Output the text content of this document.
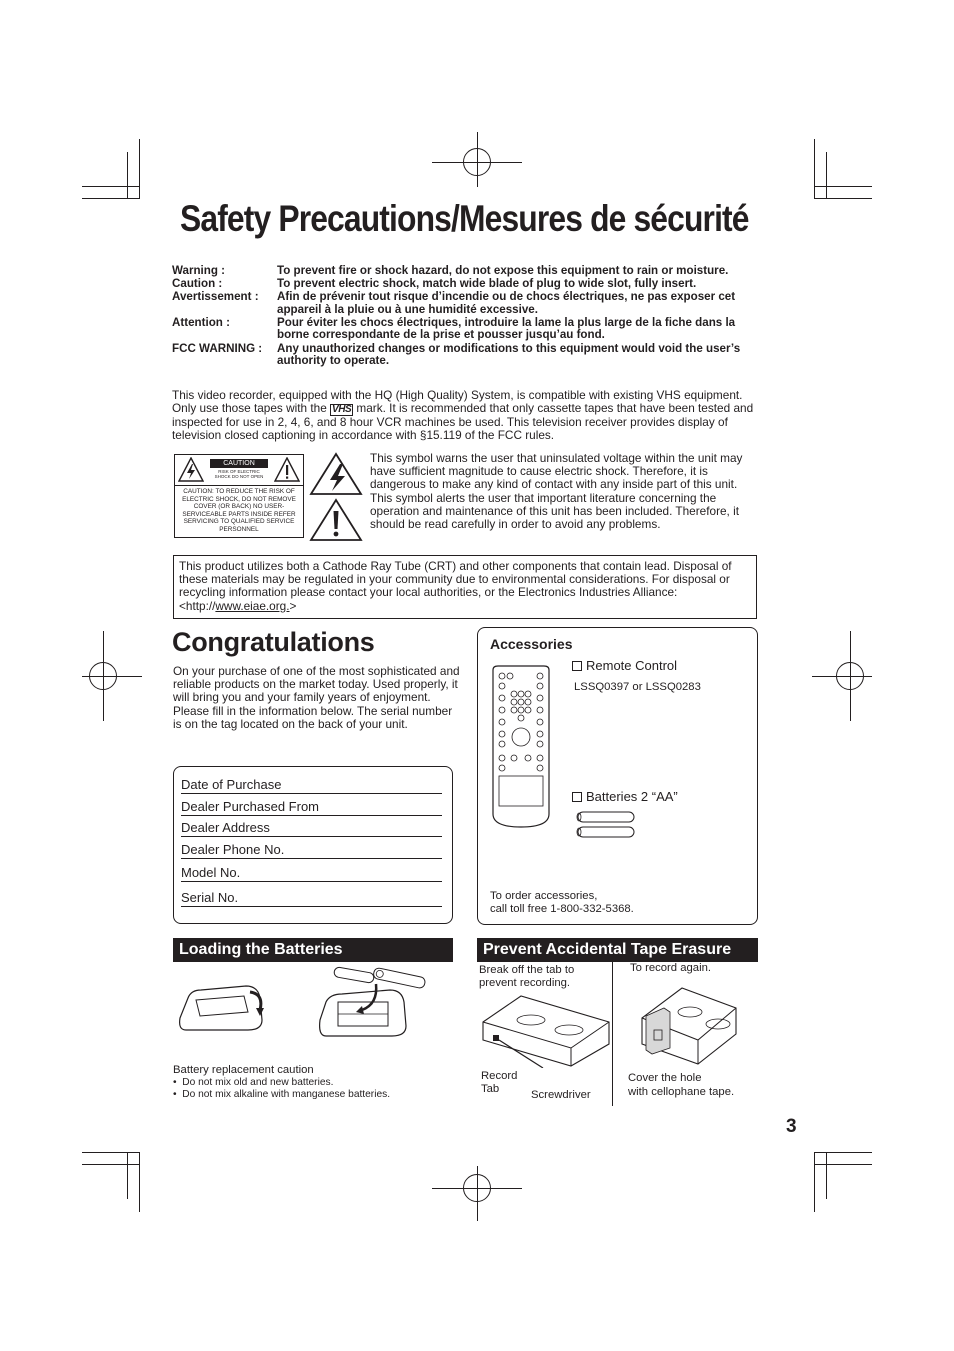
Safety Precautions/Mesures de sécurité
Warning :	To prevent fire or shock hazard, do not expose this equipment to rain or moisture.
Caution :	To prevent electric shock, match wide blade of plug to wide slot, fully insert.
Avertissement :	Afin de prévenir tout risque d’incendie ou de chocs électriques, ne pas exposer cet appareil à la pluie ou à une humidité excessive.
Attention :	Pour éviter les chocs électriques, introduire la lame la plus large de la fiche dans la borne correspondante de la prise et pousser jusqu’au fond.
FCC WARNING :	Any unauthorized changes or modifications to this equipment would void the user’s authority to operate.
This video recorder, equipped with the HQ (High Quality) System, is compatible with existing VHS equipment. Only use those tapes with the VHS mark. It is recommended that only cassette tapes that have been tested and inspected for use in 2, 4, 6, and 8 hour VCR machines be used. This television receiver provides display of television closed captioning in accordance with §15.119 of the FCC rules.
CAUTION
RISK OF ELECTRIC SHOCK DO NOT OPEN
CAUTION: TO REDUCE THE RISK OF ELECTRIC SHOCK, DO NOT REMOVE COVER (OR BACK) NO USER-SERVICEABLE PARTS INSIDE REFER SERVICING TO QUALIFIED SERVICE PERSONNEL
This symbol warns the user that uninsulated voltage within the unit may have sufficient magnitude to cause electric shock. Therefore, it is dangerous to make any kind of contact with any inside part of this unit.
This symbol alerts the user that important literature concerning the operation and maintenance of this unit has been included. Therefore, it should be read carefully in order to avoid any problems.
This product utilizes both a Cathode Ray Tube (CRT) and other components that contain lead. Disposal of these materials may be regulated in your community due to environmental considerations. For disposal or recycling information please contact your local authorities, or the Electronics Industries Alliance: <http://www.eiae.org.>
Congratulations
On your purchase of one of the most sophisticated and reliable products on the market today. Used properly, it will bring you and your family years of enjoyment. Please fill in the information below. The serial number is on the tag located on the back of your unit.
Date of Purchase
Dealer Purchased From
Dealer Address
Dealer Phone No.
Model No.
Serial No.
Accessories
Remote Control
LSSQ0397 or LSSQ0283
Batteries 2 “AA”
To order accessories,
call toll free 1-800-332-5368.
Loading the Batteries
Battery replacement caution
•  Do not mix old and new batteries.
•  Do not mix alkaline with manganese batteries.
Prevent Accidental Tape Erasure
Break off the tab to prevent recording.
Record
Tab	Screwdriver
To record again.
Cover the hole
with cellophane tape.
3
